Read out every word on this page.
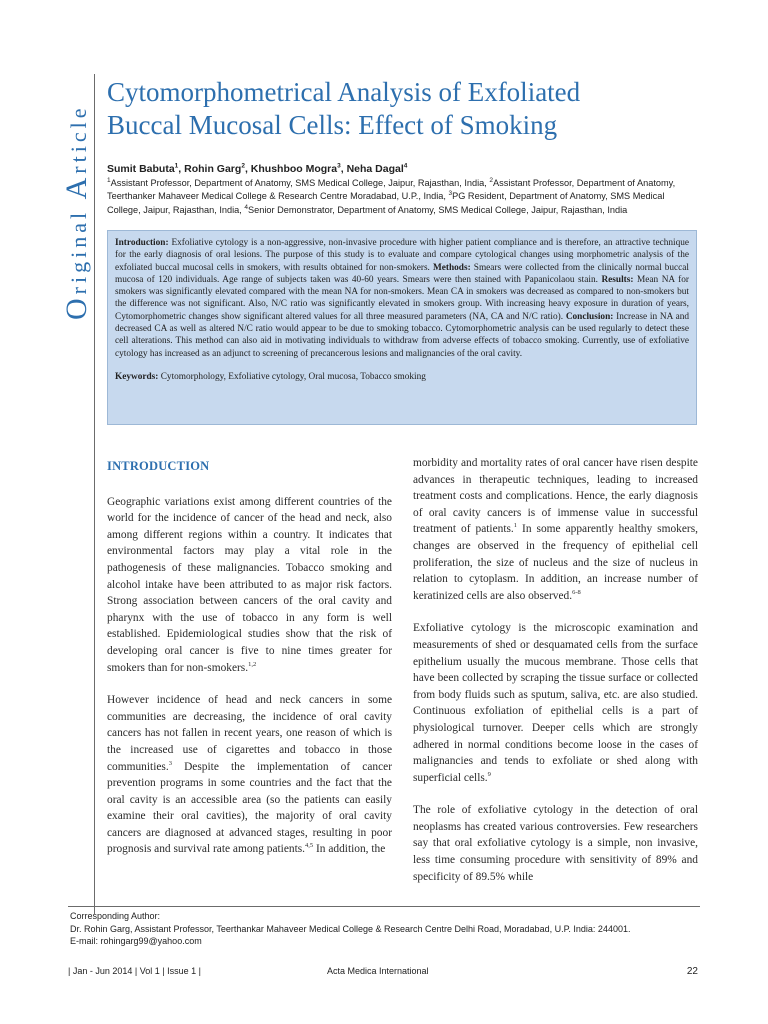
Original Article
Cytomorphometrical Analysis of Exfoliated
Buccal Mucosal Cells: Effect of Smoking
Sumit Babuta$^1$, Rohin Garg$^2$, Khushboo Mogra$^3$, Neha Dagal$^4$
$^1$Assistant Professor, Department of Anatomy, SMS Medical College, Jaipur, Rajasthan, India, $^2$Assistant Professor, Department of Anatomy, Teerthanker Mahaveer Medical College & Research Centre Moradabad, U.P., India, $^3$PG Resident, Department of Anatomy, SMS Medical College, Jaipur, Rajasthan, India, $^4$Senior Demonstrator, Department of Anatomy, SMS Medical College, Jaipur, Rajasthan, India
Introduction: Exfoliative cytology is a non-aggressive, non-invasive procedure with higher patient compliance and is therefore, an attractive technique for the early diagnosis of oral lesions. The purpose of this study is to evaluate and compare cytological changes using morphometric analysis of the exfoliated buccal mucosal cells in smokers, with results obtained for non-smokers. Methods: Smears were collected from the clinically normal buccal mucosa of 120 individuals. Age range of subjects taken was 40-60 years. Smears were then stained with Papanicolaou stain. Results: Mean NA for smokers was significantly elevated compared with the mean NA for non-smokers. Mean CA in smokers was decreased as compared to non-smokers but the difference was not significant. Also, N/C ratio was significantly elevated in smokers group. With increasing heavy exposure in duration of years, Cytomorphometric changes show significant altered values for all three measured parameters (NA, CA and N/C ratio). Conclusion: Increase in NA and decreased CA as well as altered N/C ratio would appear to be due to smoking tobacco. Cytomorphometric analysis can be used regularly to detect these cell alterations. This method can also aid in motivating individuals to withdraw from adverse effects of tobacco smoking. Currently, use of exfoliative cytology has increased as an adjunct to screening of precancerous lesions and malignancies of the oral cavity.
Keywords: Cytomorphology, Exfoliative cytology, Oral mucosa, Tobacco smoking
INTRODUCTION

Geographic variations exist among different countries of the world for the incidence of cancer of the head and neck, also among different regions within a country. It indicates that environmental factors may play a vital role in the pathogenesis of these malignancies. Tobacco smoking and alcohol intake have been attributed to as major risk factors. Strong association between cancers of the oral cavity and pharynx with the use of tobacco in any form is well established. Epidemiological studies show that the risk of developing oral cancer is five to nine times greater for smokers than for non-smokers.$^{1,2}$

However incidence of head and neck cancers in some communities are decreasing, the incidence of oral cavity cancers has not fallen in recent years, one reason of which is the increased use of cigarettes and tobacco in those communities.$^3$ Despite the implementation of cancer prevention programs in some countries and the fact that the oral cavity is an accessible area (so the patients can easily examine their oral cavities), the majority of oral cavity cancers are diagnosed at advanced stages, resulting in poor prognosis and survival rate among patients.$^{4,5}$ In addition, the

morbidity and mortality rates of oral cancer have risen despite advances in therapeutic techniques, leading to increased treatment costs and complications. Hence, the early diagnosis of oral cavity cancers is of immense value in successful treatment of patients.$^1$ In some apparently healthy smokers, changes are observed in the frequency of epithelial cell proliferation, the size of nucleus and the size of nucleus in relation to cytoplasm. In addition, an increase number of keratinized cells are also observed.$^{6-8}$

Exfoliative cytology is the microscopic examination and measurements of shed or desquamated cells from the surface epithelium usually the mucous membrane. Those cells that have been collected by scraping the tissue surface or collected from body fluids such as sputum, saliva, etc. are also studied. Continuous exfoliation of epithelial cells is a part of physiological turnover. Deeper cells which are strongly adhered in normal conditions become loose in the cases of malignancies and tends to exfoliate or shed along with superficial cells.$^9$

The role of exfoliative cytology in the detection of oral neoplasms has created various controversies. Few researchers say that oral exfoliative cytology is a simple, non invasive, less time consuming procedure with sensitivity of 89% and specificity of 89.5% while

Corresponding Author:
Dr. Rohin Garg, Assistant Professor, Teerthankar Mahaveer Medical College & Research Centre Delhi Road, Moradabad, U.P. India: 244001.
E-mail: rohingarg99@yahoo.com
| Jan - Jun 2014 | Vol 1 | Issue 1 |	Acta Medica International	22
